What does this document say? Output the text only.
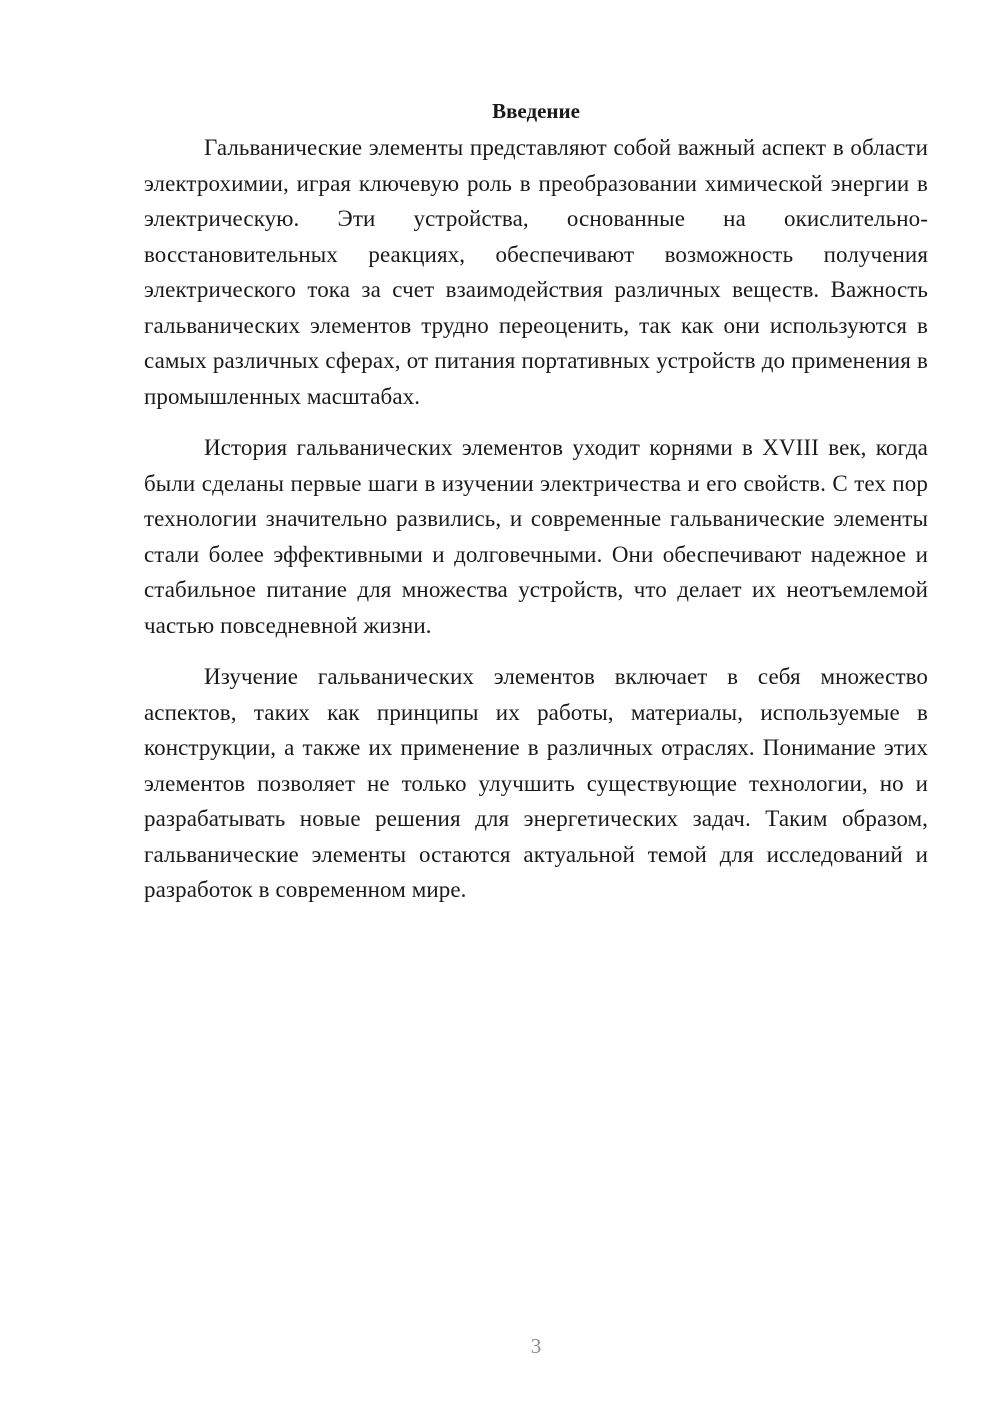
Введение

Гальванические элементы представляют собой важный аспект в области электрохимии, играя ключевую роль в преобразовании химической энергии в электрическую. Эти устройства, основанные на окислительно-восстановительных реакциях, обеспечивают возможность получения электрического тока за счет взаимодействия различных веществ. Важность гальванических элементов трудно переоценить, так как они используются в самых различных сферах, от питания портативных устройств до применения в промышленных масштабах.

История гальванических элементов уходит корнями в XVIII век, когда были сделаны первые шаги в изучении электричества и его свойств. С тех пор технологии значительно развились, и современные гальванические элементы стали более эффективными и долговечными. Они обеспечивают надежное и стабильное питание для множества устройств, что делает их неотъемлемой частью повседневной жизни.

Изучение гальванических элементов включает в себя множество аспектов, таких как принципы их работы, материалы, используемые в конструкции, а также их применение в различных отраслях. Понимание этих элементов позволяет не только улучшить существующие технологии, но и разрабатывать новые решения для энергетических задач. Таким образом, гальванические элементы остаются актуальной темой для исследований и разработок в современном мире.

3
